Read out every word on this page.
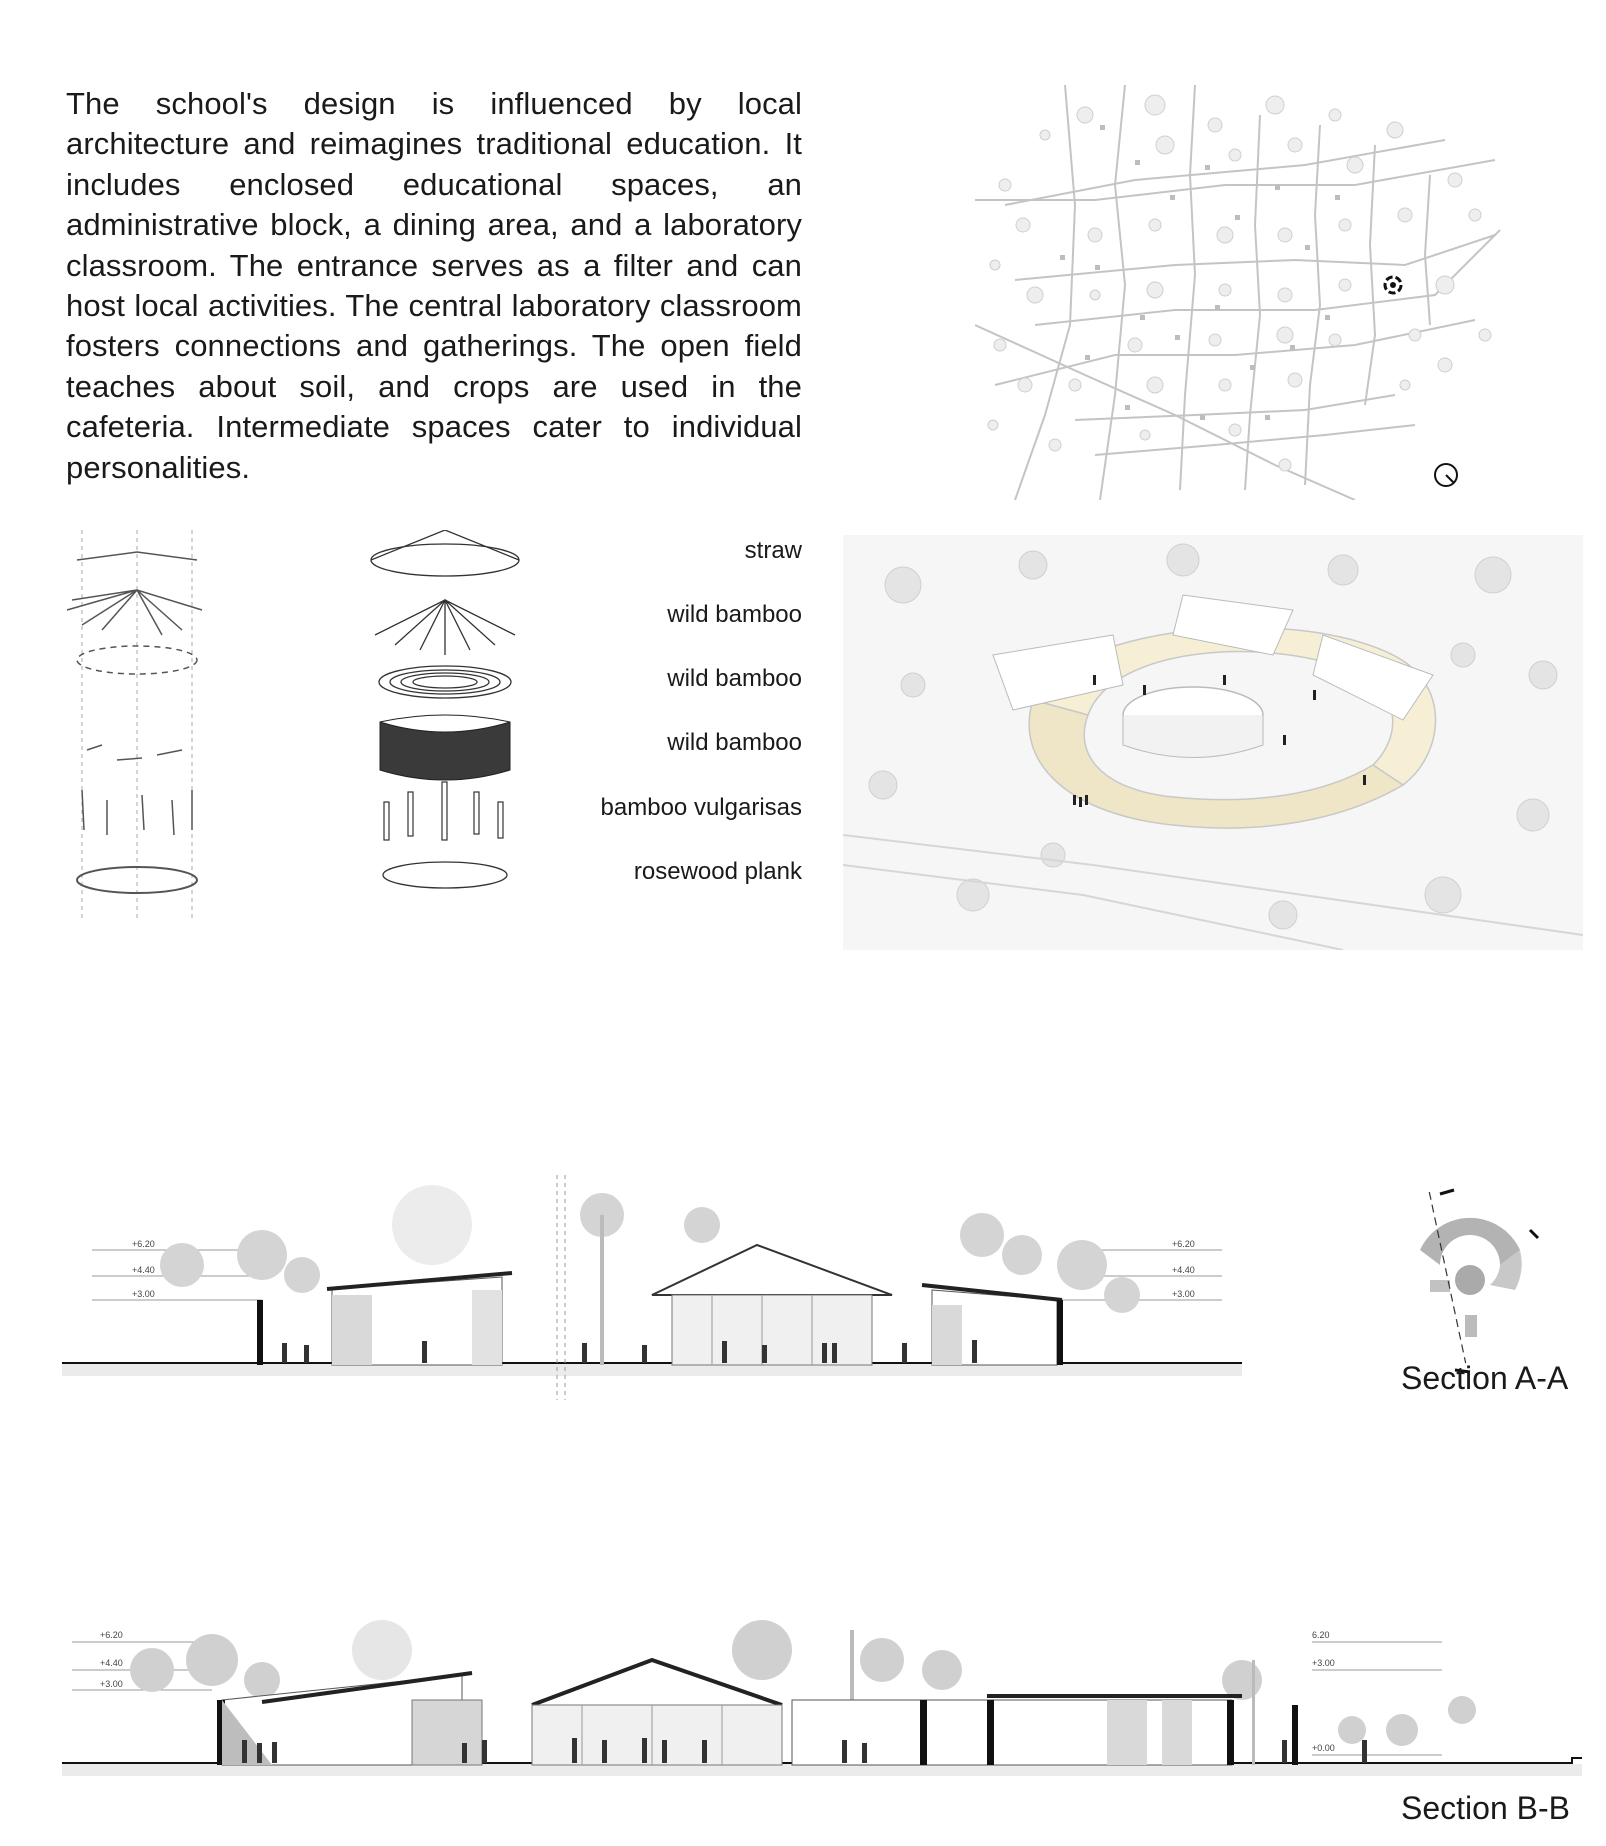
The school's design is influenced by local architecture and reimagines traditional education. It includes enclosed educational spaces, an administrative block, a dining area, and a laboratory classroom. The entrance serves as a filter and can host local activities. The central laboratory classroom fosters connections and gatherings. The open field teaches about soil, and crops are used in the cafeteria. Intermediate spaces cater to individual personalities.

straw
wild bamboo
wild bamboo
wild bamboo
bamboo vulgarisas
rosewood plank
+6.20
+4.40
+3.00
+6.20
+4.40
+3.00
Section A-A
+6.20
+4.40
+3.00
6.20
+3.00
+0.00
Section B-B
